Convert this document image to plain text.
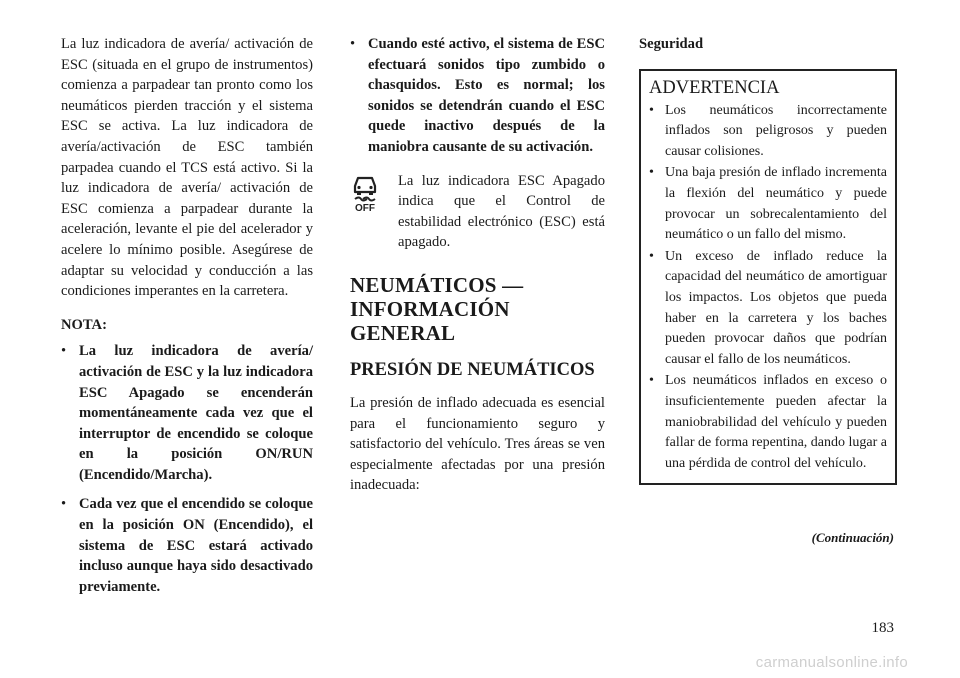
La luz indicadora de avería/ activación de ESC (situada en el grupo de instrumentos) comienza a parpadear tan pronto como los neumáticos pierden tracción y el sistema ESC se activa. La luz indicadora de avería/activación de ESC también parpadea cuando el TCS está activo. Si la luz indicadora de avería/ activación de ESC comienza a parpadear durante la aceleración, levante el pie del acelerador y acelere lo mínimo posible. Asegúrese de adaptar su velocidad y conducción a las condiciones imperantes en la carretera.

NOTA:

• La luz indicadora de avería/ activación de ESC y la luz indicadora ESC Apagado se encenderán momentáneamente cada vez que el interruptor de encendido se coloque en la posición ON/RUN (Encendido/Marcha).
• Cada vez que el encendido se coloque en la posición ON (Encendido), el sistema de ESC estará activado incluso aunque haya sido desactivado previamente.
• Cuando esté activo, el sistema de ESC efectuará sonidos tipo zumbido o chasquidos. Esto es normal; los sonidos se detendrán cuando el ESC quede inactivo después de la maniobra causante de su activación.
OFF

La luz indicadora ESC Apagado indica que el Control de estabilidad electrónico (ESC) está apagado.

NEUMÁTICOS —
INFORMACIÓN
GENERAL
PRESIÓN DE NEUMÁTICOS

La presión de inflado adecuada es esencial para el funcionamiento seguro y satisfactorio del vehículo. Tres áreas se ven especialmente afectadas por una presión inadecuada:

Seguridad

ADVERTENCIA
• Los neumáticos incorrectamente inflados son peligrosos y pueden causar colisiones.
• Una baja presión de inflado incrementa la flexión del neumático y puede provocar un sobrecalentamiento del neumático o un fallo del mismo.
• Un exceso de inflado reduce la capacidad del neumático de amortiguar los impactos. Los objetos que pueda haber en la carretera y los baches pueden provocar daños que podrían causar el fallo de los neumáticos.
• Los neumáticos inflados en exceso o insuficientemente pueden afectar la maniobrabilidad del vehículo y pueden fallar de forma repentina, dando lugar a una pérdida de control del vehículo.
(Continuación)
183
carmanualsonline.info
